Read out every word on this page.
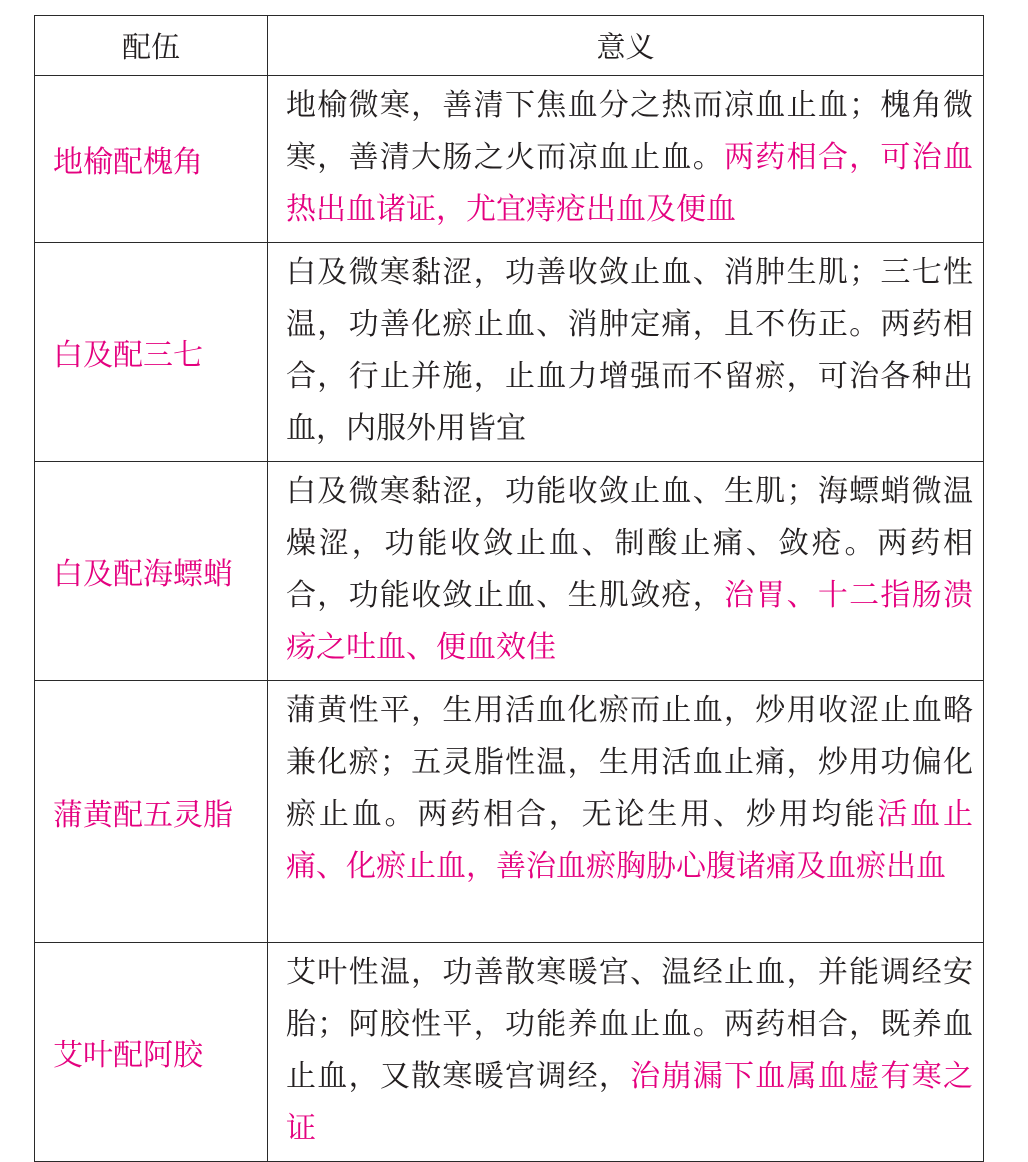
配伍	意义
地榆配槐角	地榆微寒，善清下焦血分之热而凉血止血；槐角微寒，善清大肠之火而凉血止血。两药相合，可治血热出血诸证，尤宜痔疮出血及便血
白及配三七	白及微寒黏涩，功善收敛止血、消肿生肌；三七性温，功善化瘀止血、消肿定痛，且不伤正。两药相合，行止并施，止血力增强而不留瘀，可治各种出血，内服外用皆宜
白及配海螵蛸	白及微寒黏涩，功能收敛止血、生肌；海螵蛸微温燥涩，功能收敛止血、制酸止痛、敛疮。两药相合，功能收敛止血、生肌敛疮，治胃、十二指肠溃疡之吐血、便血效佳
蒲黄配五灵脂	蒲黄性平，生用活血化瘀而止血，炒用收涩止血略兼化瘀；五灵脂性温，生用活血止痛，炒用功偏化瘀止血。两药相合，无论生用、炒用均能活血止痛、化瘀止血，善治血瘀胸胁心腹诸痛及血瘀出血
艾叶配阿胶	艾叶性温，功善散寒暖宫、温经止血，并能调经安胎；阿胶性平，功能养血止血。两药相合，既养血止血，又散寒暖宫调经，治崩漏下血属血虚有寒之证
